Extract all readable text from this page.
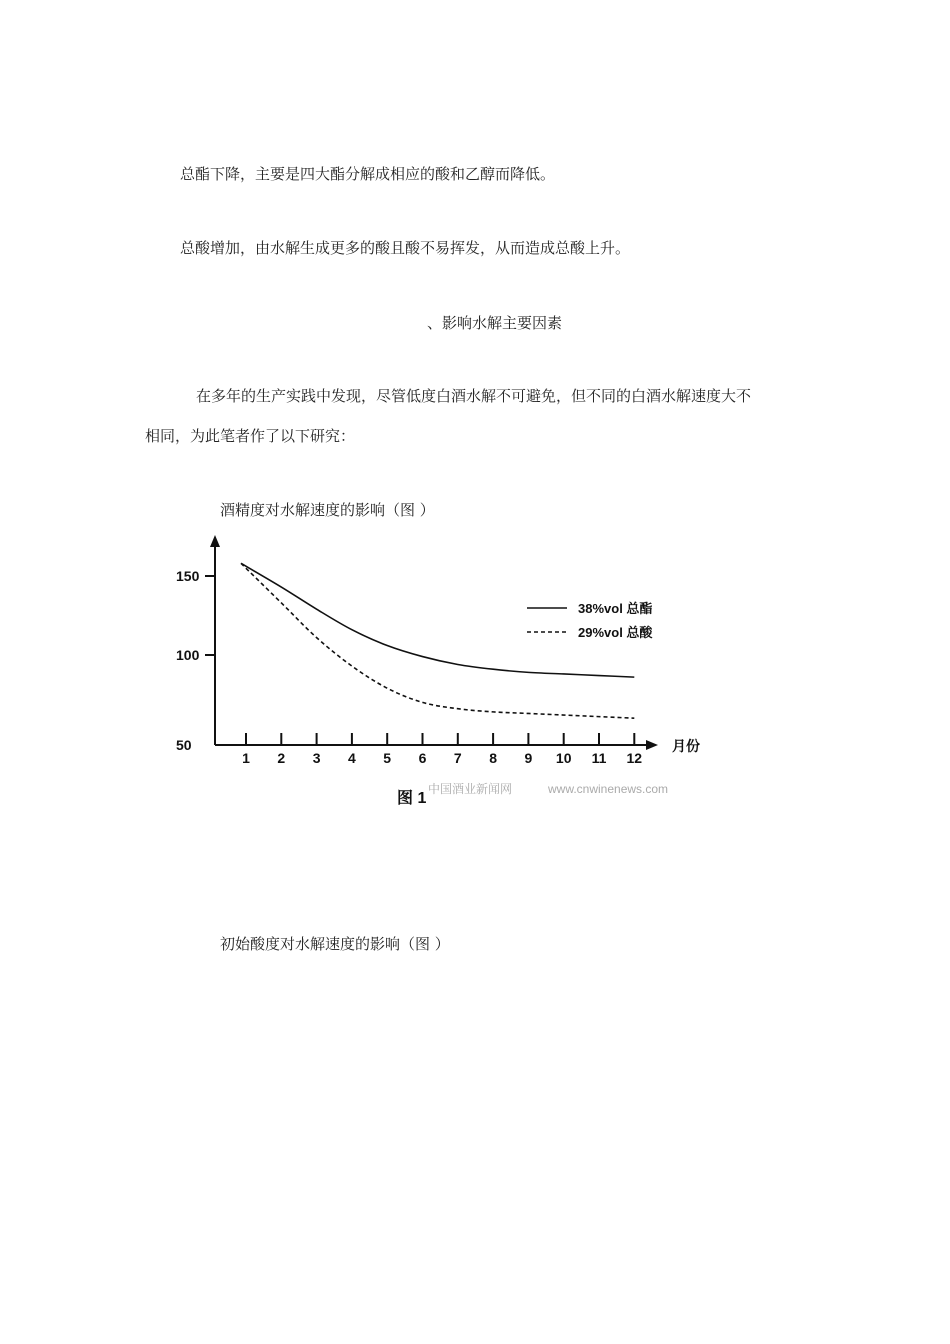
总酯下降，主要是四大酯分解成相应的酸和乙醇而降低。
总酸增加，由水解生成更多的酸且酸不易挥发，从而造成总酸上升。
、影响水解主要因素
在多年的生产实践中发现，尽管低度白酒水解不可避免，但不同的白酒水解速度大不
相同，为此笔者作了以下研究：
酒精度对水解速度的影响（图 ）
150
100
50
1 2 3 4 5 6 7 8 9 10 11 12
月份
38%vol 总酯
29%vol 总酸
图 1
中国酒业新闻网	www.cnwinenews.com
初始酸度对水解速度的影响（图 ）
